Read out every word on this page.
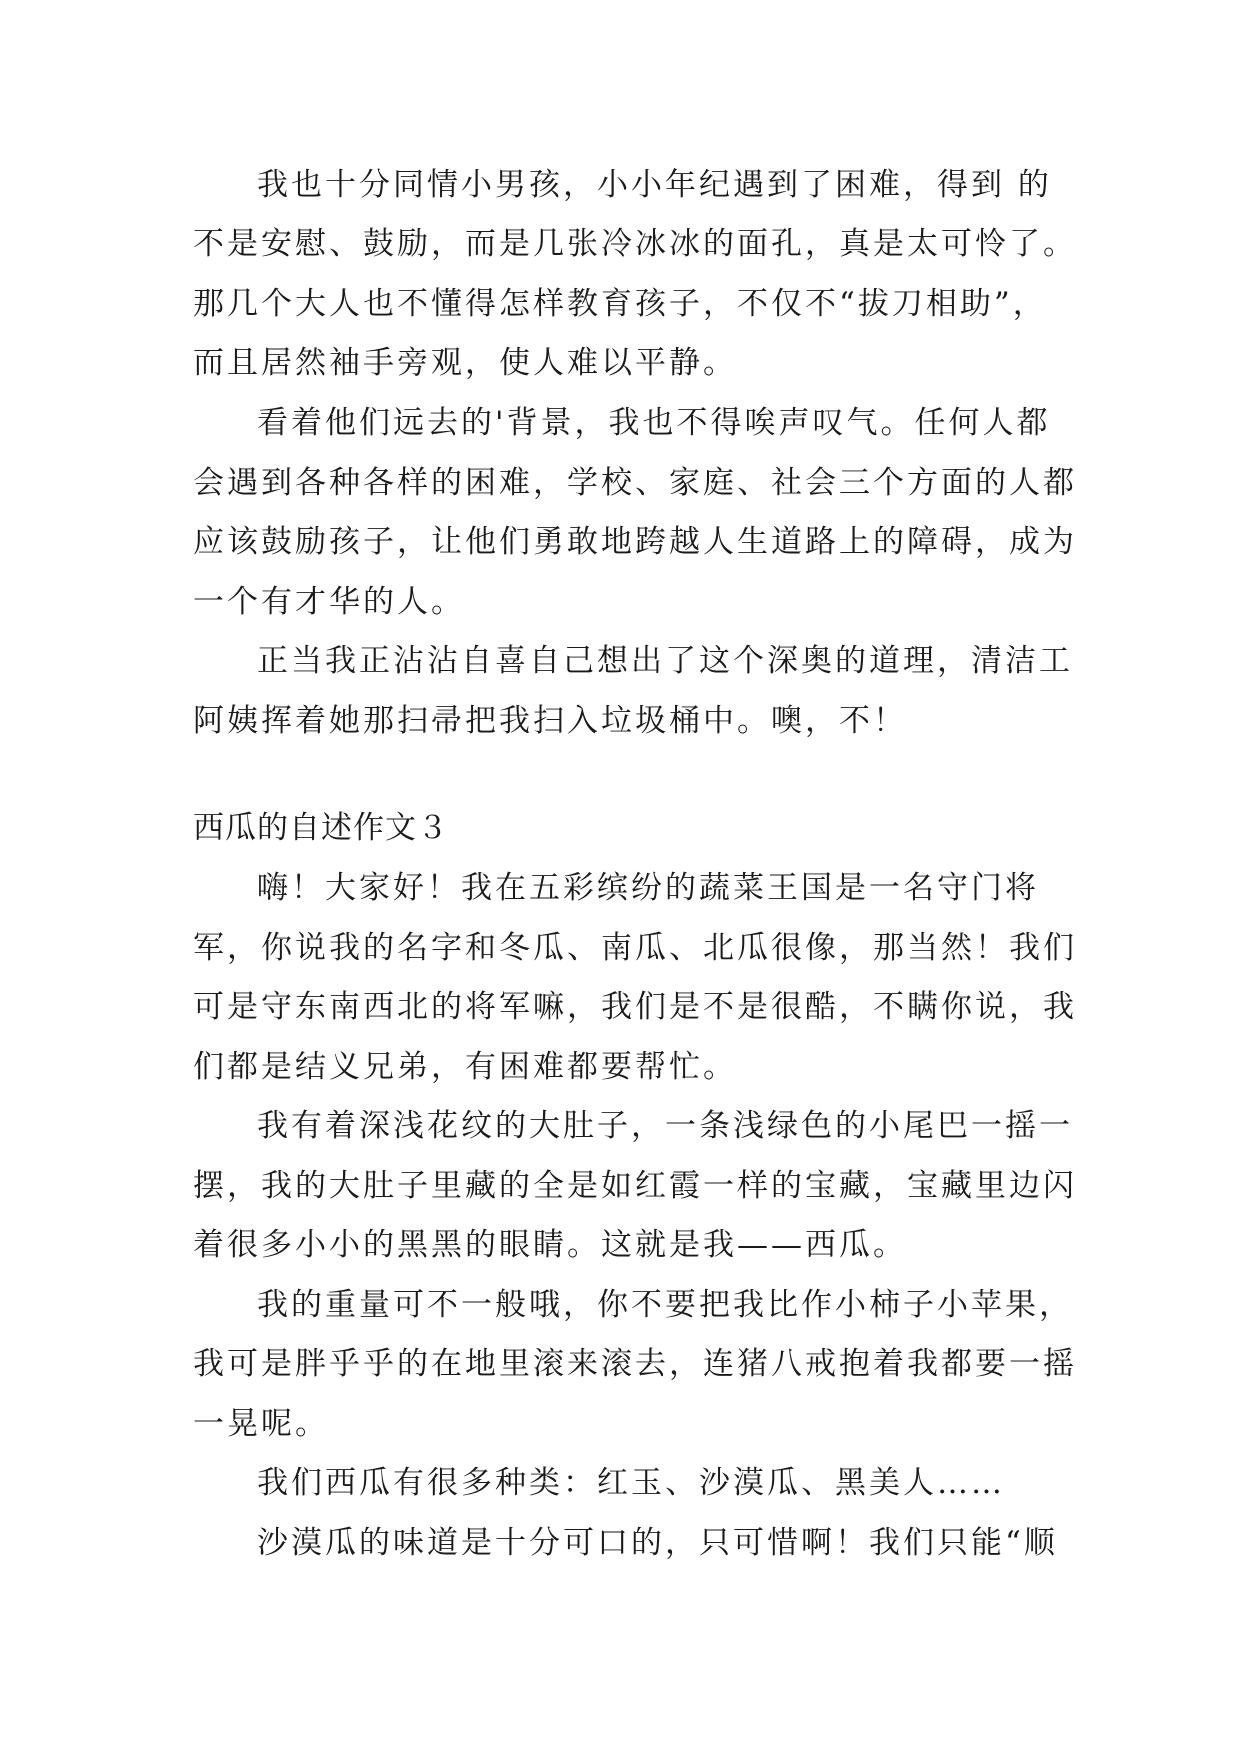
我也十分同情小男孩，小小年纪遇到了困难，得到 的
不是安慰、鼓励，而是几张冷冰冰的面孔，真是太可怜了。
那几个大人也不懂得怎样教育孩子，不仅不“拔刀相助”，
而且居然袖手旁观，使人难以平静。
看着他们远去的'背景，我也不得唉声叹气。任何人都
会遇到各种各样的困难，学校、家庭、社会三个方面的人都
应该鼓励孩子，让他们勇敢地跨越人生道路上的障碍，成为
一个有才华的人。
正当我正沾沾自喜自己想出了这个深奥的道理，清洁工
阿姨挥着她那扫帚把我扫入垃圾桶中。噢，不！
西瓜的自述作文３
嗨！大家好！我在五彩缤纷的蔬菜王国是一名守门将
军，你说我的名字和冬瓜、南瓜、北瓜很像，那当然！我们
可是守东南西北的将军嘛，我们是不是很酷，不瞒你说，我
们都是结义兄弟，有困难都要帮忙。
我有着深浅花纹的大肚子，一条浅绿色的小尾巴一摇一
摆，我的大肚子里藏的全是如红霞一样的宝藏，宝藏里边闪
着很多小小的黑黑的眼睛。这就是我——西瓜。
我的重量可不一般哦，你不要把我比作小柿子小苹果，
我可是胖乎乎的在地里滚来滚去，连猪八戒抱着我都要一摇
一晃呢。
我们西瓜有很多种类：红玉、沙漠瓜、黑美人……
沙漠瓜的味道是十分可口的，只可惜啊！我们只能“顺
